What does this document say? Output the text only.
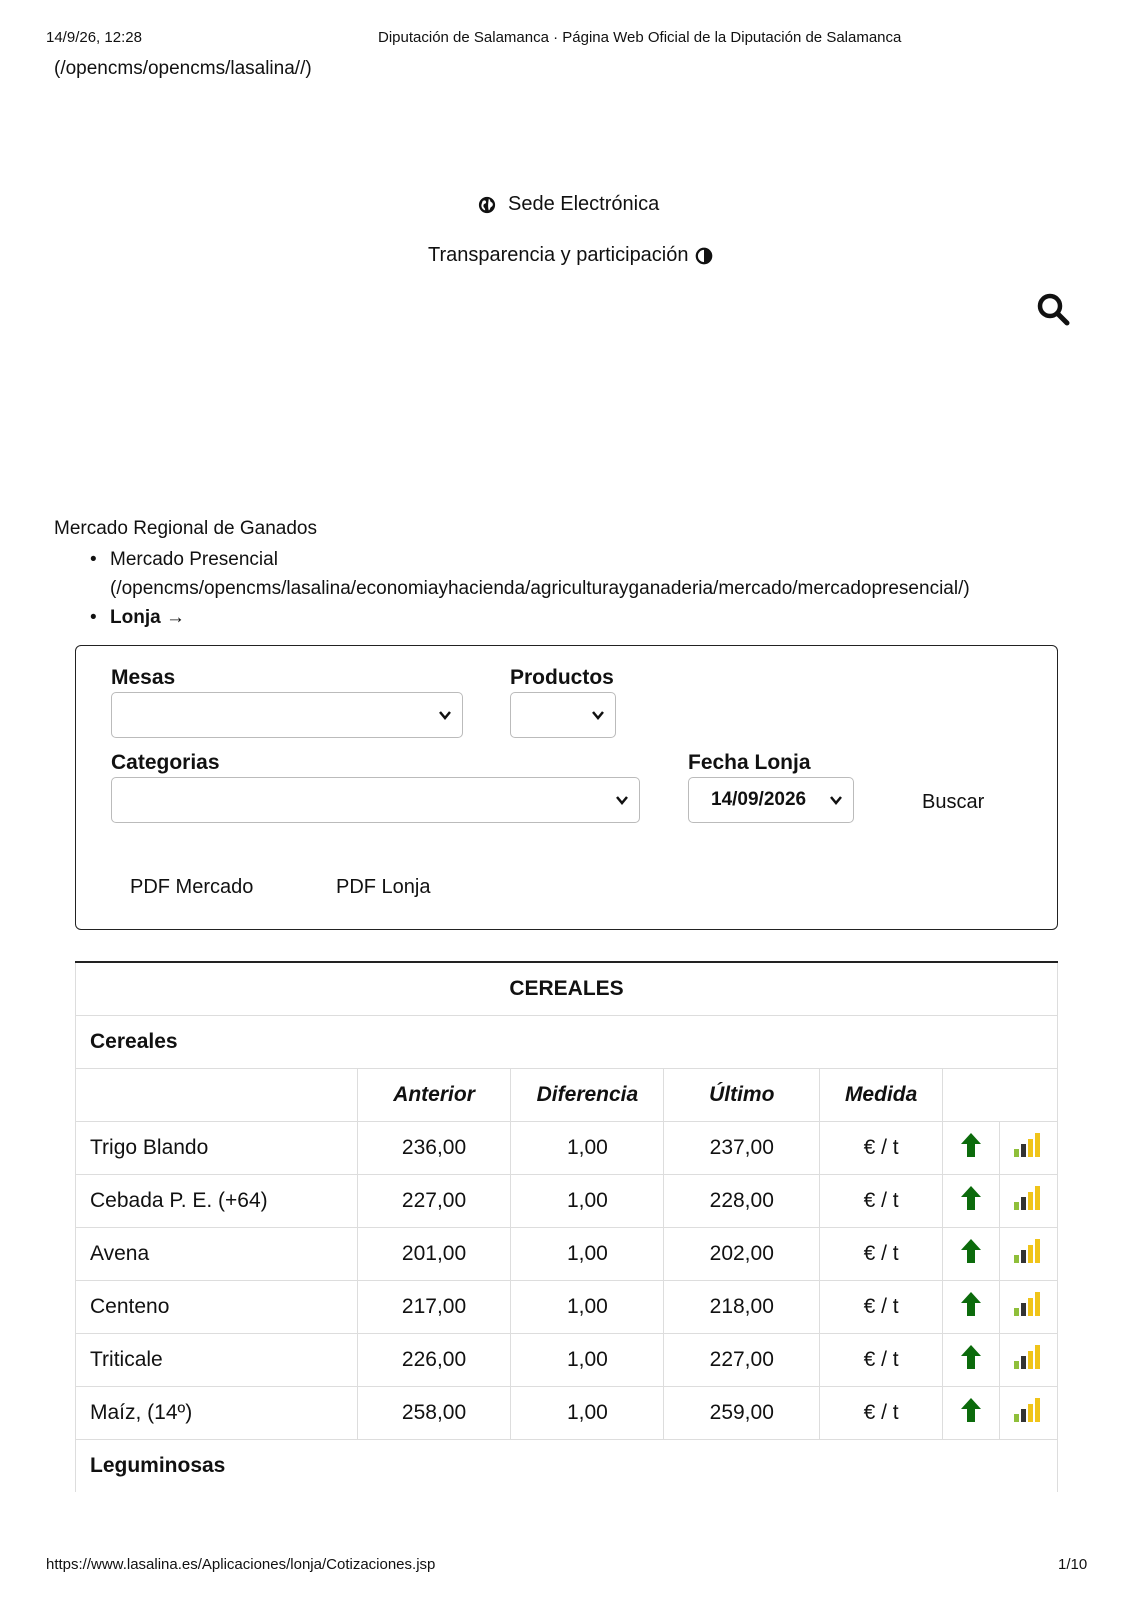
14/9/26, 12:28	Diputación de Salamanca · Página Web Oficial de la Diputación de Salamanca
(/opencms/opencms/lasalina//)
Sede Electrónica
Transparencia y participación
Mercado Regional de Ganados
• Mercado Presencial
(/opencms/opencms/lasalina/economiayhacienda/agriculturayganaderia/mercado/mercadopresencial/)
• Lonja →
Mesas	Productos
Categorias	Fecha Lonja
14/09/2026	Buscar
PDF Mercado	PDF Lonja
CEREALES						
Cereales						
	Anterior	Diferencia	Último	Medida		
Trigo Blando	236,00	1,00	237,00	€ / t		
Cebada P. E. (+64)	227,00	1,00	228,00	€ / t		
Avena	201,00	1,00	202,00	€ / t		
Centeno	217,00	1,00	218,00	€ / t		
Triticale	226,00	1,00	227,00	€ / t		
Maíz, (14º)	258,00	1,00	259,00	€ / t		
Leguminosas						
https://www.lasalina.es/Aplicaciones/lonja/Cotizaciones.jsp	1/10
